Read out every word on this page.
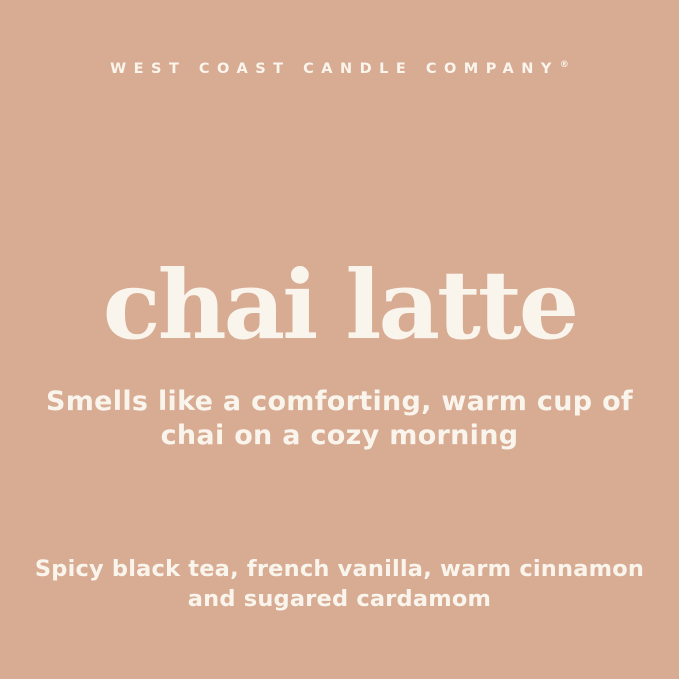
WEST COAST CANDLE COMPANY®
chai latte
Smells like a comforting, warm cup of
chai on a cozy morning
Spicy black tea, french vanilla, warm cinnamon
and sugared cardamom
